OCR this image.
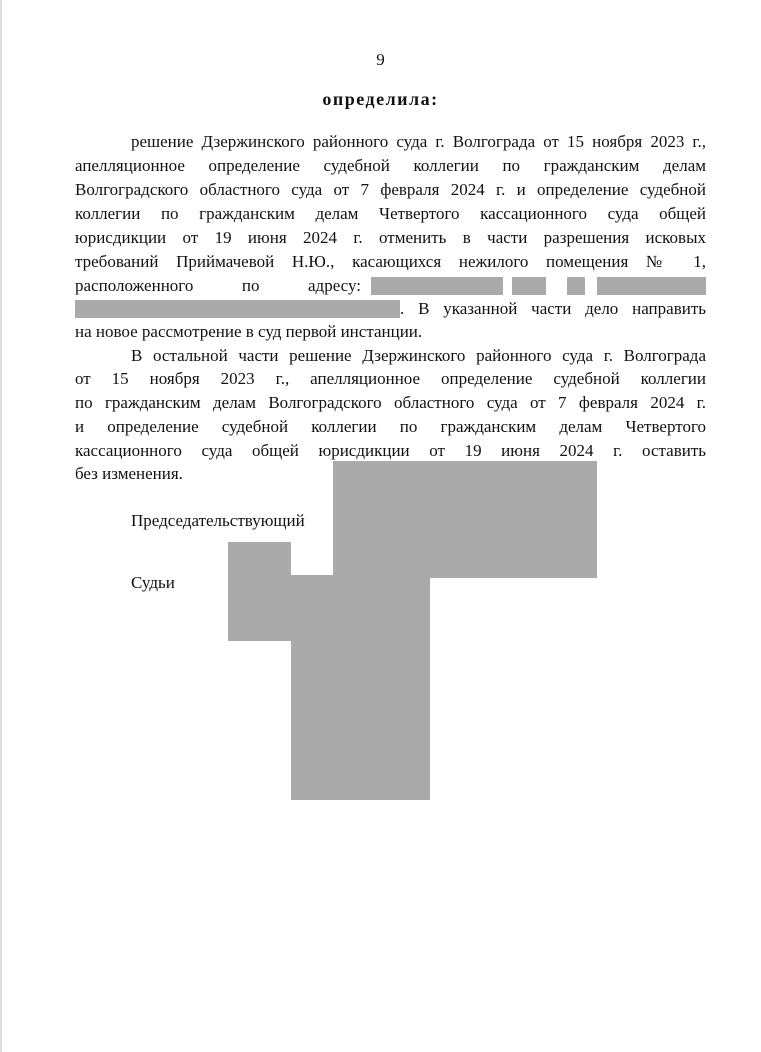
9
определила:
решение Дзержинского районного суда г. Волгограда от 15 ноября 2023 г.,
апелляционное определение судебной коллегии по гражданским делам
Волгоградского областного суда от 7 февраля 2024 г. и определение судебной
коллегии по гражданским делам Четвертого кассационного суда общей
юрисдикции от 19 июня 2024 г. отменить в части разрешения исковых
требований Приймачевой Н.Ю., касающихся нежилого помещения № 1,
расположенного по адресу:
. В указанной части дело направить
на новое рассмотрение в суд первой инстанции.
В остальной части решение Дзержинского районного суда г. Волгограда
от 15 ноября 2023 г., апелляционное определение судебной коллегии
по гражданским делам Волгоградского областного суда от 7 февраля 2024 г.
и определение судебной коллегии по гражданским делам Четвертого
кассационного суда общей юрисдикции от 19 июня 2024 г. оставить
без изменения.
Председательствующий
Судьи
